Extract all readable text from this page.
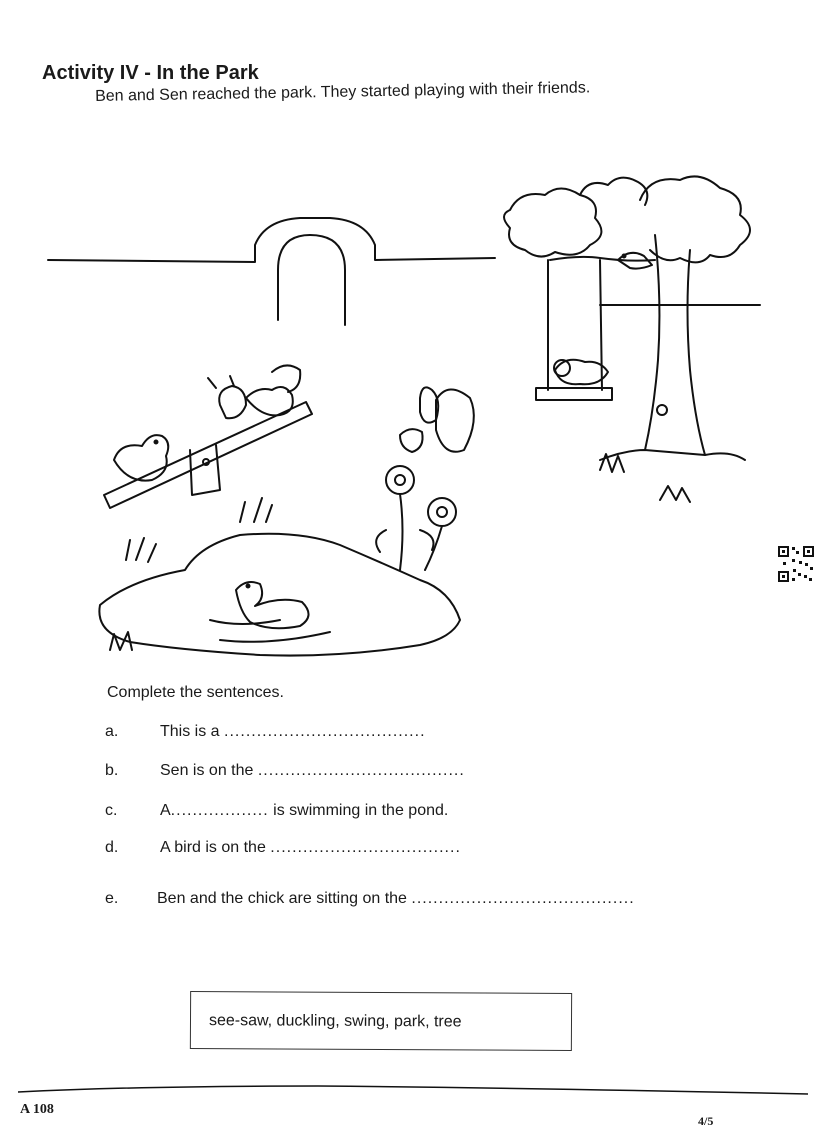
Activity IV - In the Park
Ben and Sen reached the park. They started playing with their friends.
Complete the sentences.
a.	This is a .....................................
b.	Sen is on the ......................................
c.	A.................. is swimming in the pond.
d.	A bird is on the ...................................
e. Ben and the chick are sitting on the .........................................
see-saw, duckling, swing, park, tree
A 108
4/5
